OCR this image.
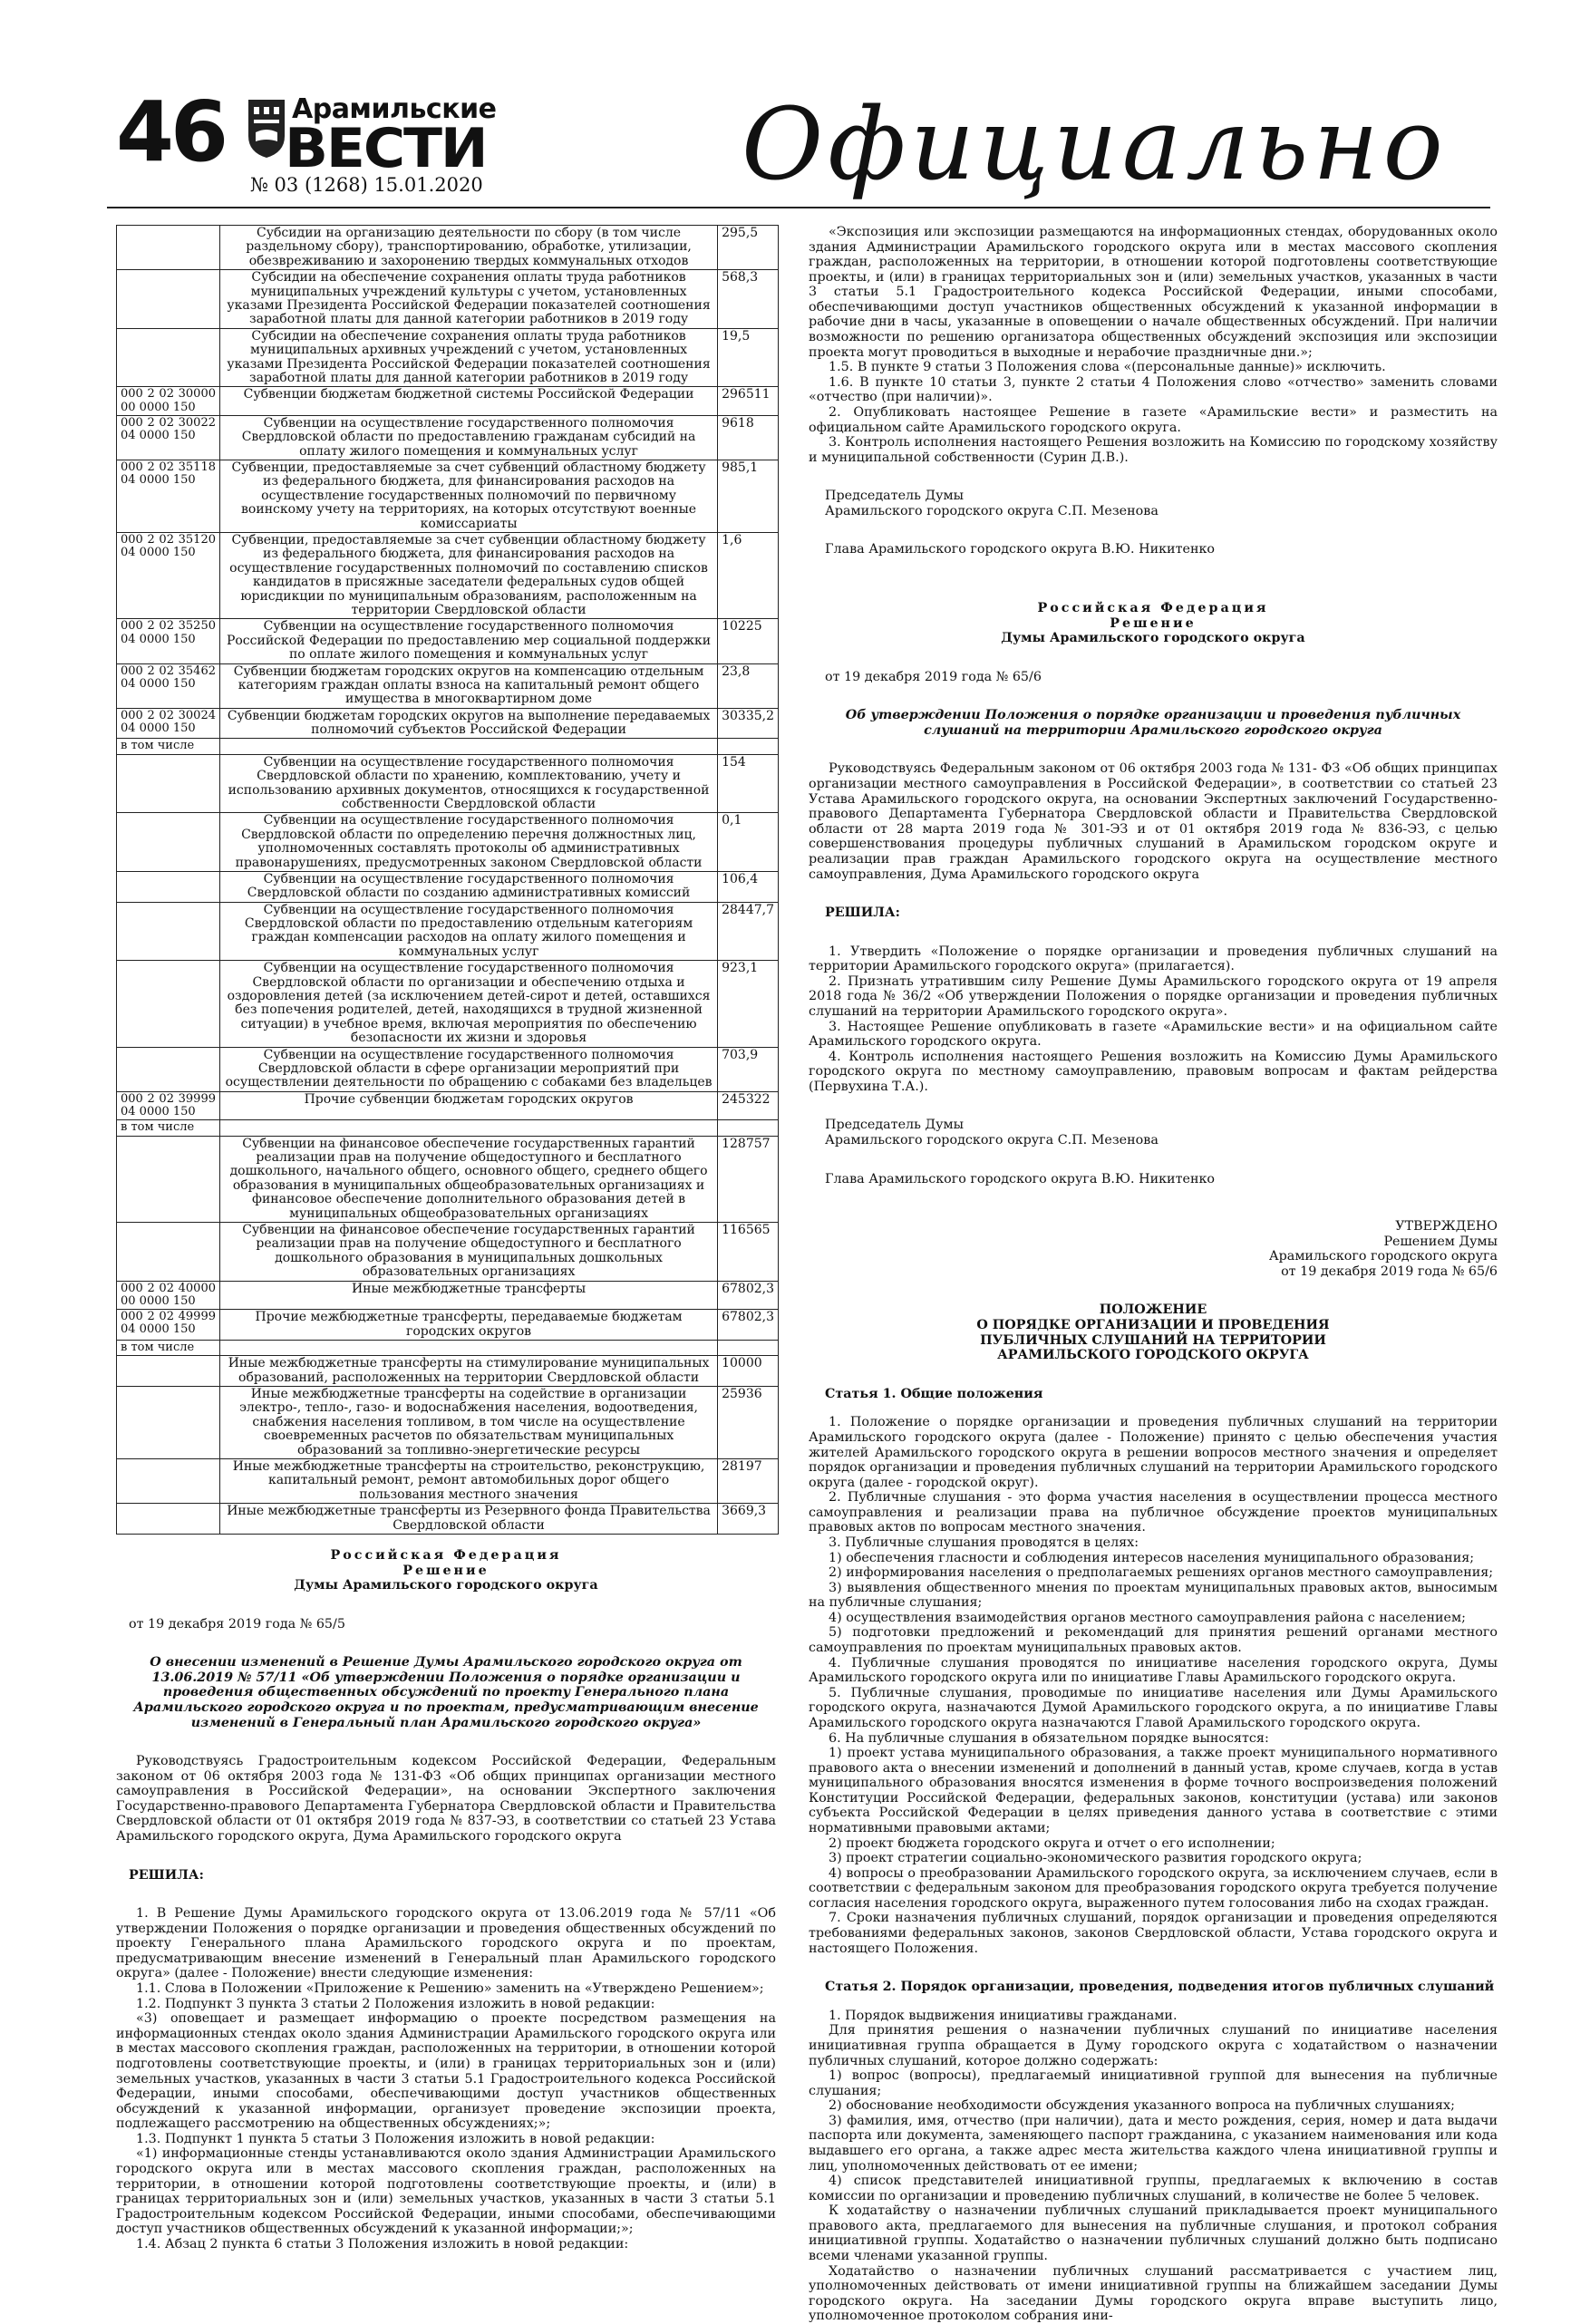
46 Арамильские
ВЕСТИ
№ 03 (1268) 15.01.2020	Официально
	Субсидии на организацию деятельности по сбору (в том числе раздельному сбору), транспортированию, обработке, утилизации, обезвреживанию и захоронению твердых коммунальных отходов	295,5
	Субсидии на обеспечение сохранения оплаты труда работников муниципальных учреждений культуры с учетом, установленных указами Президента Российской Федерации показателей соотношения заработной платы для данной категории работников в 2019 году	568,3
	Субсидии на обеспечение сохранения оплаты труда работников муниципальных архивных учреждений с учетом, установленных указами Президента Российской Федерации показателей соотношения заработной платы для данной категории работников в 2019 году	19,5
000 2 02 30000 00 0000 150	Субвенции бюджетам бюджетной системы Российской Федерации	296511
000 2 02 30022 04 0000 150	Субвенции на осуществление государственного полномочия Свердловской области по предоставлению гражданам субсидий на оплату жилого помещения и коммунальных услуг	9618
000 2 02 35118 04 0000 150	Субвенции, предоставляемые за счет субвенций областному бюджету из федерального бюджета, для финансирования расходов на осуществление государственных полномочий по первичному воинскому учету на территориях, на которых отсутствуют военные комиссариаты	985,1
000 2 02 35120 04 0000 150	Субвенции, предоставляемые за счет субвенции областному бюджету из федерального бюджета, для финансирования расходов на осуществление государственных полномочий по составлению списков кандидатов в присяжные заседатели федеральных судов общей юрисдикции по муниципальным образованиям, расположенным на территории Свердловской области	1,6
000 2 02 35250 04 0000 150	Субвенции на осуществление государственного полномочия Российской Федерации по предоставлению мер социальной поддержки по оплате жилого помещения и коммунальных услуг	10225
000 2 02 35462 04 0000 150	Субвенции бюджетам городских округов на компенсацию отдельным категориям граждан оплаты взноса на капитальный ремонт общего имущества в многоквартирном доме	23,8
000 2 02 30024 04 0000 150	Субвенции бюджетам городских округов на выполнение передаваемых полномочий субъектов Российской Федерации	30335,2
в том числе		
	Субвенции на осуществление государственного полномочия Свердловской области по хранению, комплектованию, учету и использованию архивных документов, относящихся к государственной собственности Свердловской области	154
	Субвенции на осуществление государственного полномочия Свердловской области по определению перечня должностных лиц, уполномоченных составлять протоколы об административных правонарушениях, предусмотренных законом Свердловской области	0,1
	Субвенции на осуществление государственного полномочия Свердловской области по созданию административных комиссий	106,4
	Субвенции на осуществление государственного полномочия Свердловской области по предоставлению отдельным категориям граждан компенсации расходов на оплату жилого помещения и коммунальных услуг	28447,7
	Субвенции на осуществление государственного полномочия Свердловской области по организации и обеспечению отдыха и оздоровления детей (за исключением детей-сирот и детей, оставшихся без попечения родителей, детей, находящихся в трудной жизненной ситуации) в учебное время, включая мероприятия по обеспечению безопасности их жизни и здоровья	923,1
	Субвенции на осуществление государственного полномочия Свердловской области в сфере организации мероприятий при осуществлении деятельности по обращению с собаками без владельцев	703,9
000 2 02 39999 04 0000 150	Прочие субвенции бюджетам городских округов	245322
в том числе		
	Субвенции на финансовое обеспечение государственных гарантий реализации прав на получение общедоступного и бесплатного дошкольного, начального общего, основного общего, среднего общего образования в муниципальных общеобразовательных организациях и финансовое обеспечение дополнительного образования детей в муниципальных общеобразовательных организациях	128757
	Субвенции на финансовое обеспечение государственных гарантий реализации прав на получение общедоступного и бесплатного дошкольного образования в муниципальных дошкольных образовательных организациях	116565
000 2 02 40000 00 0000 150	Иные межбюджетные трансферты	67802,3
000 2 02 49999 04 0000 150	Прочие межбюджетные трансферты, передаваемые бюджетам городских округов	67802,3
в том числе		
	Иные межбюджетные трансферты на стимулирование муниципальных образований, расположенных на территории Свердловской области	10000
	Иные межбюджетные трансферты на содействие в организации электро-, тепло-, газо- и водоснабжения населения, водоотведения, снабжения населения топливом, в том числе на осуществление своевременных расчетов по обязательствам муниципальных образований за топливно-энергетические ресурсы	25936
	Иные межбюджетные трансферты на строительство, реконструкцию, капитальный ремонт, ремонт автомобильных дорог общего пользования местного значения	28197
	Иные межбюджетные трансферты из Резервного фонда Правительства Свердловской области	3669,3
Российская Федерация
Решение
Думы Арамильского городского округа
от 19 декабря 2019 года № 65/5
О внесении изменений в Решение Думы Арамильского городского округа от 13.06.2019 № 57/11 «Об утверждении Положения о порядке организации и проведения общественных обсуждений по проекту Генерального плана Арамильского городского округа и по проектам, предусматривающим внесение изменений в Генеральный план Арамильского городского округа»
Руководствуясь Градостроительным кодексом Российской Федерации, Федеральным законом от 06 октября 2003 года № 131-ФЗ «Об общих принципах организации местного самоуправления в Российской Федерации», на основании Экспертного заключения Государственно-правового Департамента Губернатора Свердловской области и Правительства Свердловской области от 01 октября 2019 года № 837-ЭЗ, в соответствии со статьей 23 Устава Арамильского городского округа, Дума Арамильского городского округа
РЕШИЛА:
1. В Решение Думы Арамильского городского округа от 13.06.2019 года № 57/11 «Об утверждении Положения о порядке организации и проведения общественных обсуждений по проекту Генерального плана Арамильского городского округа и по проектам, предусматривающим внесение изменений в Генеральный план Арамильского городского округа» (далее - Положение) внести следующие изменения:
1.1. Слова в Положении «Приложение к Решению» заменить на «Утверждено Решением»;
1.2. Подпункт 3 пункта 3 статьи 2 Положения изложить в новой редакции:
«3) оповещает и размещает информацию о проекте посредством размещения на информационных стендах около здания Администрации Арамильского городского округа или в местах массового скопления граждан, расположенных на территории, в отношении которой подготовлены соответствующие проекты, и (или) в границах территориальных зон и (или) земельных участков, указанных в части 3 статьи 5.1 Градостроительного кодекса Российской Федерации, иными способами, обеспечивающими доступ участников общественных обсуждений к указанной информации, организует проведение экспозиции проекта, подлежащего рассмотрению на общественных обсуждениях;»;
1.3. Подпункт 1 пункта 5 статьи 3 Положения изложить в новой редакции:
«1) информационные стенды устанавливаются около здания Администрации Арамильского городского округа или в местах массового скопления граждан, расположенных на территории, в отношении которой подготовлены соответствующие проекты, и (или) в границах территориальных зон и (или) земельных участков, указанных в части 3 статьи 5.1 Градостроительным кодексом Российской Федерации, иными способами, обеспечивающими доступ участников общественных обсуждений к указанной информации;»;
1.4. Абзац 2 пункта 6 статьи 3 Положения изложить в новой редакции:
«Экспозиция или экспозиции размещаются на информационных стендах, оборудованных около здания Администрации Арамильского городского округа или в местах массового скопления граждан, расположенных на территории, в отношении которой подготовлены соответствующие проекты, и (или) в границах территориальных зон и (или) земельных участков, указанных в части 3 статьи 5.1 Градостроительного кодекса Российской Федерации, иными способами, обеспечивающими доступ участников общественных обсуждений к указанной информации в рабочие дни в часы, указанные в оповещении о начале общественных обсуждений. При наличии возможности по решению организатора общественных обсуждений экспозиция или экспозиции проекта могут проводиться в выходные и нерабочие праздничные дни.»;
1.5. В пункте 9 статьи 3 Положения слова «(персональные данные)» исключить.
1.6. В пункте 10 статьи 3, пункте 2 статьи 4 Положения слово «отчество» заменить словами «отчество (при наличии)».
2. Опубликовать настоящее Решение в газете «Арамильские вести» и разместить на официальном сайте Арамильского городского округа.
3. Контроль исполнения настоящего Решения возложить на Комиссию по городскому хозяйству и муниципальной собственности (Сурин Д.В.).
Председатель Думы
Арамильского городского округа С.П. Мезенова
Глава Арамильского городского округа В.Ю. Никитенко
Российская Федерация
Решение
Думы Арамильского городского округа
от 19 декабря 2019 года № 65/6
Об утверждении Положения о порядке организации и проведения публичных слушаний на территории Арамильского городского округа
Руководствуясь Федеральным законом от 06 октября 2003 года № 131- ФЗ «Об общих принципах организации местного самоуправления в Российской Федерации», в соответствии со статьей 23 Устава Арамильского городского округа, на основании Экспертных заключений Государственно-правового Департамента Губернатора Свердловской области и Правительства Свердловской области от 28 марта 2019 года № 301-ЭЗ и от 01 октября 2019 года № 836-ЭЗ, с целью совершенствования процедуры публичных слушаний в Арамильском городском округе и реализации прав граждан Арамильского городского округа на осуществление местного самоуправления, Дума Арамильского городского округа
РЕШИЛА:
1. Утвердить «Положение о порядке организации и проведения публичных слушаний на территории Арамильского городского округа» (прилагается).
2. Признать утратившим силу Решение Думы Арамильского городского округа от 19 апреля 2018 года № 36/2 «Об утверждении Положения о порядке организации и проведения публичных слушаний на территории Арамильского городского округа».
3. Настоящее Решение опубликовать в газете «Арамильские вести» и на официальном сайте Арамильского городского округа.
4. Контроль исполнения настоящего Решения возложить на Комиссию Думы Арамильского городского округа по местному самоуправлению, правовым вопросам и фактам рейдерства (Первухина Т.А.).
Председатель Думы
Арамильского городского округа С.П. Мезенова
Глава Арамильского городского округа В.Ю. Никитенко
УТВЕРЖДЕНО
Решением Думы
Арамильского городского округа
от 19 декабря 2019 года № 65/6
ПОЛОЖЕНИЕ
О ПОРЯДКЕ ОРГАНИЗАЦИИ И ПРОВЕДЕНИЯ
ПУБЛИЧНЫХ СЛУШАНИЙ НА ТЕРРИТОРИИ
АРАМИЛЬСКОГО ГОРОДСКОГО ОКРУГА
Статья 1. Общие положения
1. Положение о порядке организации и проведения публичных слушаний на территории Арамильского городского округа (далее - Положение) принято с целью обеспечения участия жителей Арамильского городского округа в решении вопросов местного значения и определяет порядок организации и проведения публичных слушаний на территории Арамильского городского округа (далее - городской округ).
2. Публичные слушания - это форма участия населения в осуществлении процесса местного самоуправления и реализации права на публичное обсуждение проектов муниципальных правовых актов по вопросам местного значения.
3. Публичные слушания проводятся в целях:
1) обеспечения гласности и соблюдения интересов населения муниципального образования;
2) информирования населения о предполагаемых решениях органов местного самоуправления;
3) выявления общественного мнения по проектам муниципальных правовых актов, выносимым на публичные слушания;
4) осуществления взаимодействия органов местного самоуправления района с населением;
5) подготовки предложений и рекомендаций для принятия решений органами местного самоуправления по проектам муниципальных правовых актов.
4. Публичные слушания проводятся по инициативе населения городского округа, Думы Арамильского городского округа или по инициативе Главы Арамильского городского округа.
5. Публичные слушания, проводимые по инициативе населения или Думы Арамильского городского округа, назначаются Думой Арамильского городского округа, а по инициативе Главы Арамильского городского округа назначаются Главой Арамильского городского округа.
6. На публичные слушания в обязательном порядке выносятся:
1) проект устава муниципального образования, а также проект муниципального нормативного правового акта о внесении изменений и дополнений в данный устав, кроме случаев, когда в устав муниципального образования вносятся изменения в форме точного воспроизведения положений Конституции Российской Федерации, федеральных законов, конституции (устава) или законов субъекта Российской Федерации в целях приведения данного устава в соответствие с этими нормативными правовыми актами;
2) проект бюджета городского округа и отчет о его исполнении;
3) проект стратегии социально-экономического развития городского округа;
4) вопросы о преобразовании Арамильского городского округа, за исключением случаев, если в соответствии с федеральным законом для преобразования городского округа требуется получение согласия населения городского округа, выраженного путем голосования либо на сходах граждан.
7. Сроки назначения публичных слушаний, порядок организации и проведения определяются требованиями федеральных законов, законов Свердловской области, Устава городского округа и настоящего Положения.
Статья 2. Порядок организации, проведения, подведения итогов публичных слушаний
1. Порядок выдвижения инициативы гражданами.
Для принятия решения о назначении публичных слушаний по инициативе населения инициативная группа обращается в Думу городского округа с ходатайством о назначении публичных слушаний, которое должно содержать:
1) вопрос (вопросы), предлагаемый инициативной группой для вынесения на публичные слушания;
2) обоснование необходимости обсуждения указанного вопроса на публичных слушаниях;
3) фамилия, имя, отчество (при наличии), дата и место рождения, серия, номер и дата выдачи паспорта или документа, заменяющего паспорт гражданина, с указанием наименования или кода выдавшего его органа, а также адрес места жительства каждого члена инициативной группы и лиц, уполномоченных действовать от ее имени;
4) список представителей инициативной группы, предлагаемых к включению в состав комиссии по организации и проведению публичных слушаний, в количестве не более 5 человек.
К ходатайству о назначении публичных слушаний прикладывается проект муниципального правового акта, предлагаемого для вынесения на публичные слушания, и протокол собрания инициативной группы. Ходатайство о назначении публичных слушаний должно быть подписано всеми членами указанной группы.
Ходатайство о назначении публичных слушаний рассматривается с участием лиц, уполномоченных действовать от имени инициативной группы на ближайшем заседании Думы городского округа. На заседании Думы городского округа вправе выступить лицо, уполномоченное протоколом собрания ини-
